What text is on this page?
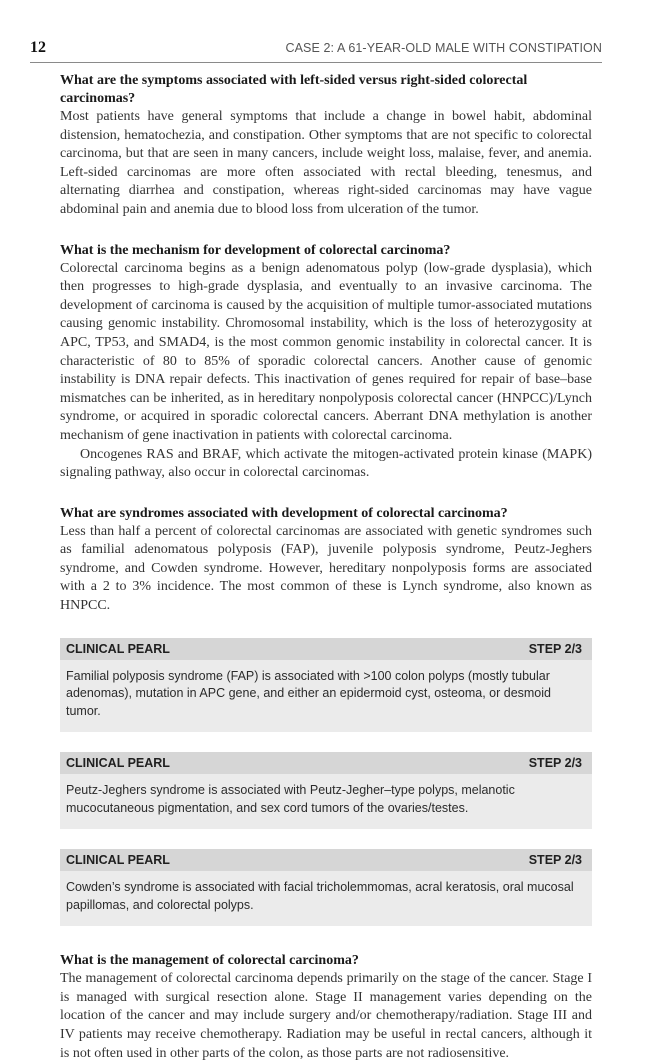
12	CASE 2: A 61-YEAR-OLD MALE WITH CONSTIPATION
What are the symptoms associated with left-sided versus right-sided colorectal carcinomas?

Most patients have general symptoms that include a change in bowel habit, abdominal distension, hematochezia, and constipation. Other symptoms that are not specific to colorectal carcinoma, but that are seen in many cancers, include weight loss, malaise, fever, and anemia. Left-sided carcinomas are more often associated with rectal bleeding, tenesmus, and alternating diarrhea and constipation, whereas right-sided carcinomas may have vague abdominal pain and anemia due to blood loss from ulceration of the tumor.

What is the mechanism for development of colorectal carcinoma?

Colorectal carcinoma begins as a benign adenomatous polyp (low-grade dysplasia), which then progresses to high-grade dysplasia, and eventually to an invasive carcinoma. The development of carcinoma is caused by the acquisition of multiple tumor-associated mutations causing genomic instability. Chromosomal instability, which is the loss of heterozygosity at APC, TP53, and SMAD4, is the most common genomic instability in colorectal cancer. It is characteristic of 80 to 85% of sporadic colorectal cancers. Another cause of genomic instability is DNA repair defects. This inactivation of genes required for repair of base–base mismatches can be inherited, as in hereditary nonpolyposis colorectal cancer (HNPCC)/Lynch syndrome, or acquired in sporadic colorectal cancers. Aberrant DNA methylation is another mechanism of gene inactivation in patients with colorectal carcinoma.

Oncogenes RAS and BRAF, which activate the mitogen-activated protein kinase (MAPK) signaling pathway, also occur in colorectal carcinomas.

What are syndromes associated with development of colorectal carcinoma?

Less than half a percent of colorectal carcinomas are associated with genetic syndromes such as familial adenomatous polyposis (FAP), juvenile polyposis syndrome, Peutz-Jeghers syndrome, and Cowden syndrome. However, hereditary nonpolyposis forms are associated with a 2 to 3% incidence. The most common of these is Lynch syndrome, also known as HNPCC.

CLINICAL PEARL	STEP 2/3
Familial polyposis syndrome (FAP) is associated with >100 colon polyps (mostly tubular adenomas), mutation in APC gene, and either an epidermoid cyst, osteoma, or desmoid tumor.
CLINICAL PEARL	STEP 2/3
Peutz-Jeghers syndrome is associated with Peutz-Jegher–type polyps, melanotic mucocutaneous pigmentation, and sex cord tumors of the ovaries/testes.
CLINICAL PEARL	STEP 2/3
Cowden’s syndrome is associated with facial tricholemmomas, acral keratosis, oral mucosal papillomas, and colorectal polyps.
What is the management of colorectal carcinoma?

The management of colorectal carcinoma depends primarily on the stage of the cancer. Stage I is managed with surgical resection alone. Stage II management varies depending on the location of the cancer and may include surgery and/or chemotherapy/radiation. Stage III and IV patients may receive chemotherapy. Radiation may be useful in rectal cancers, although it is not often used in other parts of the colon, as those parts are not radiosensitive.
